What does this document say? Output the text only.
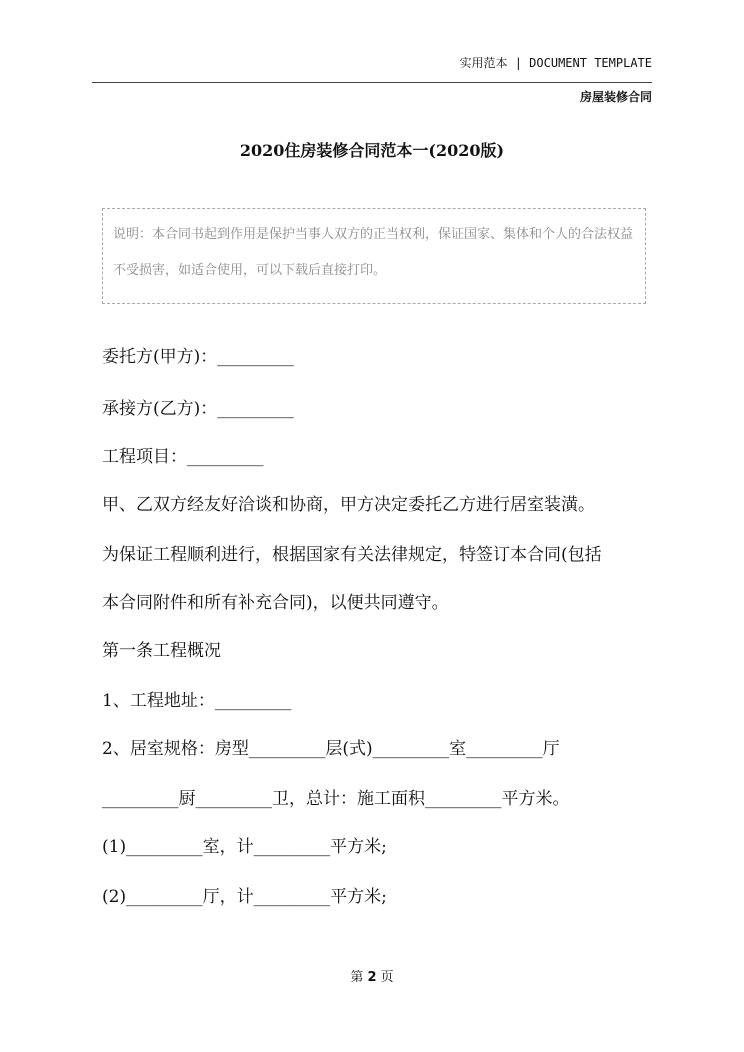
实用范本 | DOCUMENT TEMPLATE
房屋装修合同
2020住房装修合同范本一(2020版)
说明：本合同书起到作用是保护当事人双方的正当权利，保证国家、集体和个人的合法权益不受损害，如适合使用，可以下载后直接打印。
委托方(甲方)：_________
承接方(乙方)：_________
工程项目：_________
甲、乙双方经友好洽谈和协商，甲方决定委托乙方进行居室装潢。
为保证工程顺利进行，根据国家有关法律规定，特签订本合同(包括
本合同附件和所有补充合同)，以便共同遵守。
第一条工程概况
1、工程地址：_________
2、居室规格：房型_________层(式)_________室_________厅
_________厨_________卫，总计：施工面积_________平方米。
(1)_________室，计_________平方米;
(2)_________厅，计_________平方米;
第 2 页
